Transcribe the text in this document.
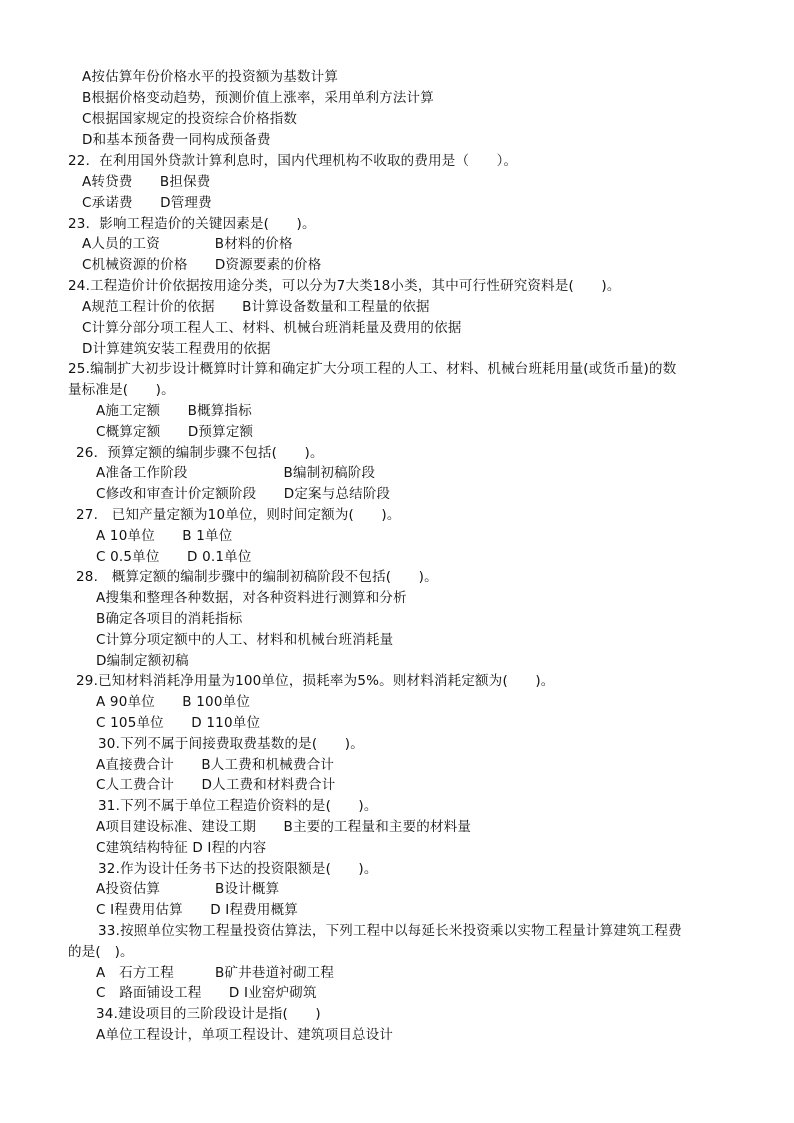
A按估算年份价格水平的投资额为基数计算
B根据价格变动趋势，预测价值上涨率，采用单利方法计算
C根据国家规定的投资综合价格指数
D和基本预备费一同构成预备费
22．在利用国外贷款计算利息时，国内代理机构不收取的费用是（　　）。
A转贷费　　B担保费
C承诺费　　D管理费
23．影响工程造价的关键因素是(　　)。
A人员的工资　　　　B材料的价格
C机械资源的价格　　D资源要素的价格
24.工程造价计价依据按用途分类，可以分为7大类18小类，其中可行性研究资料是(　　)。
A规范工程计价的依据　　B计算设备数量和工程量的依据
C计算分部分项工程人工、材料、机械台班消耗量及费用的依据
D计算建筑安装工程费用的依据
25.编制扩大初步设计概算时计算和确定扩大分项工程的人工、材料、机械台班耗用量(或货币量)的数
量标准是(　　)。
A施工定额　　B概算指标
C概算定额　　D预算定额
26．预算定额的编制步骤不包括(　　)。
A准备工作阶段　　　　　　　B编制初稿阶段
C修改和审查计价定额阶段　　D定案与总结阶段
27.　已知产量定额为10单位，则时间定额为(　　)。
A 10单位　　B 1单位
C 0.5单位　　D 0.1单位
28.　概算定额的编制步骤中的编制初稿阶段不包括(　　)。
A搜集和整理各种数据，对各种资料进行测算和分析
B确定各项目的消耗指标
C计算分项定额中的人工、材料和机械台班消耗量
D编制定额初稿
29.已知材料消耗净用量为100单位，损耗率为5%。则材料消耗定额为(　　)。
A 90单位　　B 100单位
C 105单位　　D 110单位
30.下列不属于间接费取费基数的是(　　)。
A直接费合计　　B人工费和机械费合计
C人工费合计　　D人工费和材料费合计
31.下列不属于单位工程造价资料的是(　　)。
A项目建设标准、建设工期　　B主要的工程量和主要的材料量
C建筑结构特征 D I程的内容
32.作为设计任务书下达的投资限额是(　　)。
A投资估算　　　　B设计概算
C I程费用估算　　D I程费用概算
33.按照单位实物工程量投资估算法，下列工程中以每延长米投资乘以实物工程量计算建筑工程费
的是(　)。
A　石方工程　　　B矿井巷道衬砌工程
C　路面铺设工程　　D I业窑炉砌筑
34.建设项目的三阶段设计是指(　　)
A单位工程设计，单项工程设计、建筑项目总设计
